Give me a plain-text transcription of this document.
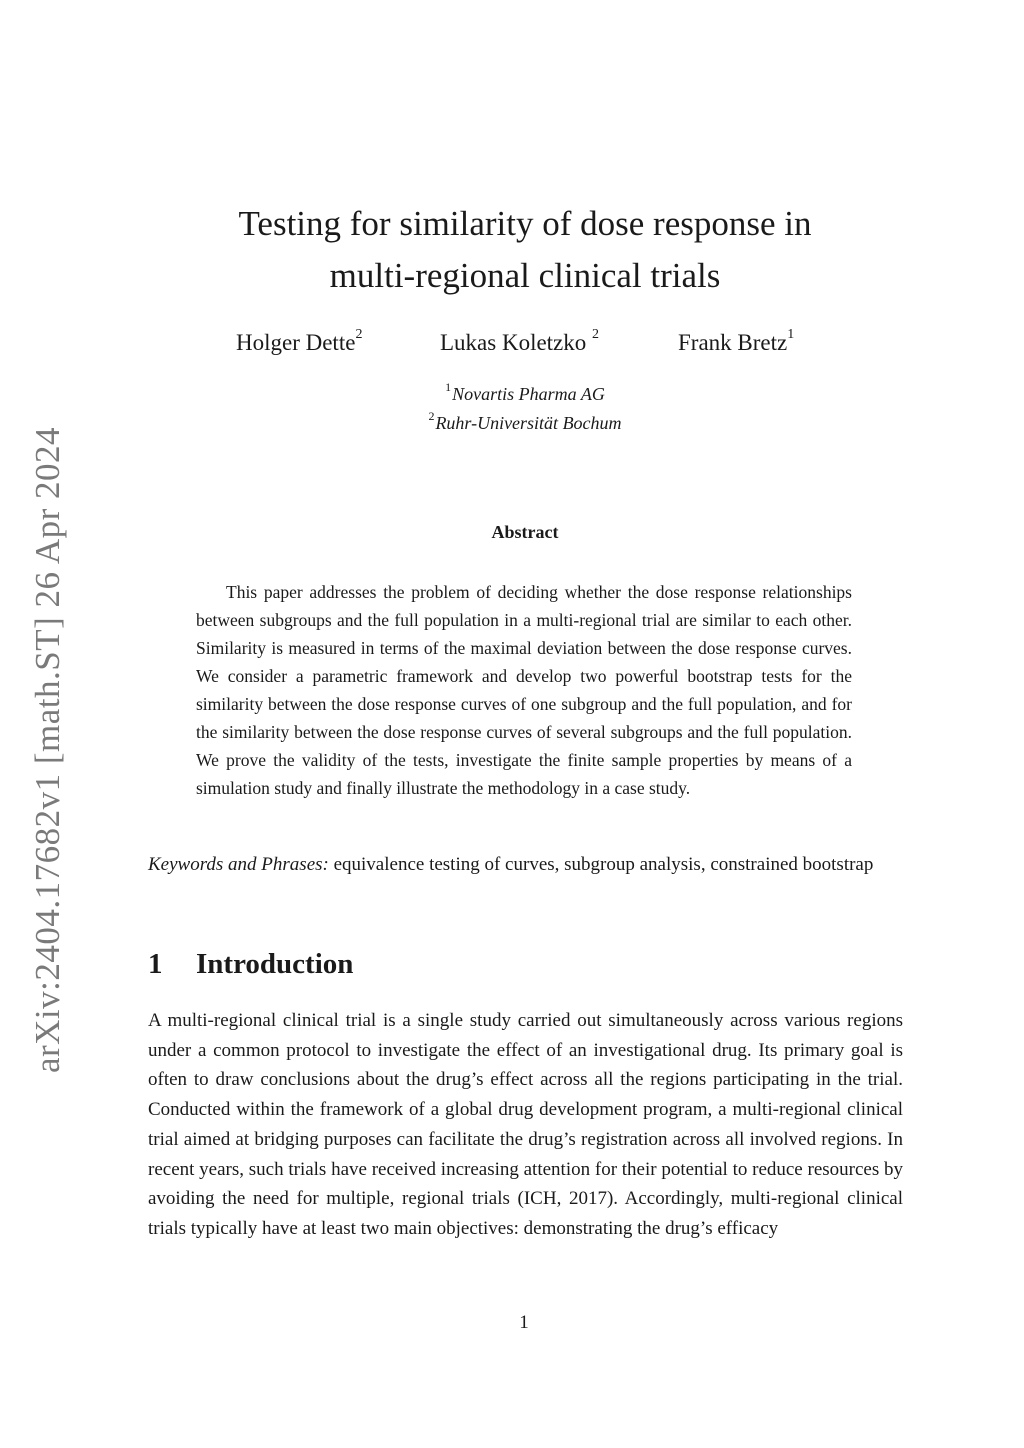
arXiv:2404.17682v1 [math.ST] 26 Apr 2024
Testing for similarity of dose response in
multi-regional clinical trials
Holger Dette$^2$	Lukas Koletzko $^2$	Frank Bretz$^1$
$^1$Novartis Pharma AG
$^2$Ruhr-Universität Bochum
Abstract

This paper addresses the problem of deciding whether the dose response relationships between subgroups and the full population in a multi-regional trial are similar to each other. Similarity is measured in terms of the maximal deviation between the dose response curves. We consider a parametric framework and develop two powerful bootstrap tests for the similarity between the dose response curves of one subgroup and the full population, and for the similarity between the dose response curves of several subgroups and the full population. We prove the validity of the tests, investigate the finite sample properties by means of a simulation study and finally illustrate the methodology in a case study.

Keywords and Phrases: equivalence testing of curves, subgroup analysis, constrained bootstrap

1 Introduction

A multi-regional clinical trial is a single study carried out simultaneously across various regions under a common protocol to investigate the effect of an investigational drug. Its primary goal is often to draw conclusions about the drug’s effect across all the regions participating in the trial. Conducted within the framework of a global drug development program, a multi-regional clinical trial aimed at bridging purposes can facilitate the drug’s registration across all involved regions. In recent years, such trials have received increasing attention for their potential to reduce resources by avoiding the need for multiple, regional trials (ICH, 2017). Accordingly, multi-regional clinical trials typically have at least two main objectives: demonstrating the drug’s efficacy

1
